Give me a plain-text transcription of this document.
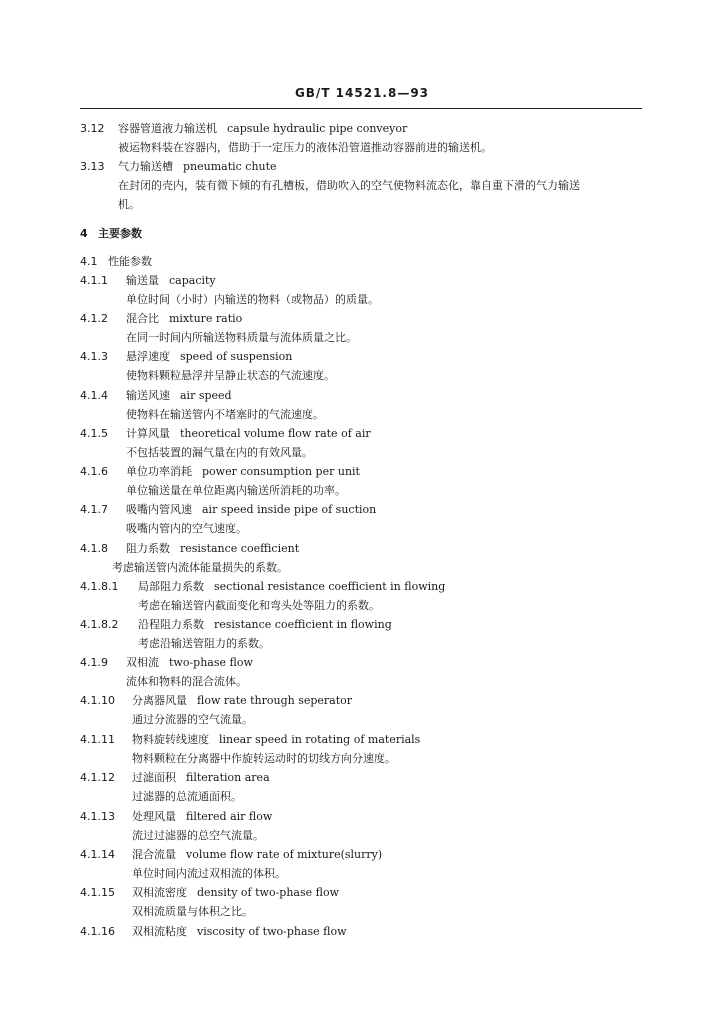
GB/T 14521.8—93
3.12 容器管道液力输送机 capsule hydraulic pipe conveyor
被运物料装在容器内，借助于一定压力的液体沿管道推动容器前进的输送机。
3.13 气力输送槽 pneumatic chute
在封闭的壳内，装有微下倾的有孔槽板，借助吹入的空气使物料流态化，靠自重下滑的气力输送
机。
4 主要参数
4.1 性能参数
4.1.1 输送量 capacity
单位时间（小时）内输送的物料（或物品）的质量。
4.1.2 混合比 mixture ratio
在同一时间内所输送物料质量与流体质量之比。
4.1.3 悬浮速度 speed of suspension
使物料颗粒悬浮并呈静止状态的气流速度。
4.1.4 输送风速 air speed
使物料在输送管内不堵塞时的气流速度。
4.1.5 计算风量 theoretical volume flow rate of air
不包括装置的漏气量在内的有效风量。
4.1.6 单位功率消耗 power consumption per unit
单位输送量在单位距离内输送所消耗的功率。
4.1.7 吸嘴内管风速 air speed inside pipe of suction
吸嘴内管内的空气速度。
4.1.8 阻力系数 resistance coefficient
考虑输送管内流体能量损失的系数。
4.1.8.1 局部阻力系数 sectional resistance coefficient in flowing
考虑在输送管内截面变化和弯头处等阻力的系数。
4.1.8.2 沿程阻力系数 resistance coefficient in flowing
考虑沿输送管阻力的系数。
4.1.9 双相流 two-phase flow
流体和物料的混合流体。
4.1.10 分离器风量 flow rate through seperator
通过分流器的空气流量。
4.1.11 物料旋转线速度 linear speed in rotating of materials
物料颗粒在分离器中作旋转运动时的切线方向分速度。
4.1.12 过滤面积 filteration area
过滤器的总流通面积。
4.1.13 处理风量 filtered air flow
流过过滤器的总空气流量。
4.1.14 混合流量 volume flow rate of mixture(slurry)
单位时间内流过双相流的体积。
4.1.15 双相流密度 density of two-phase flow
双相流质量与体积之比。
4.1.16 双相流粘度 viscosity of two-phase flow
